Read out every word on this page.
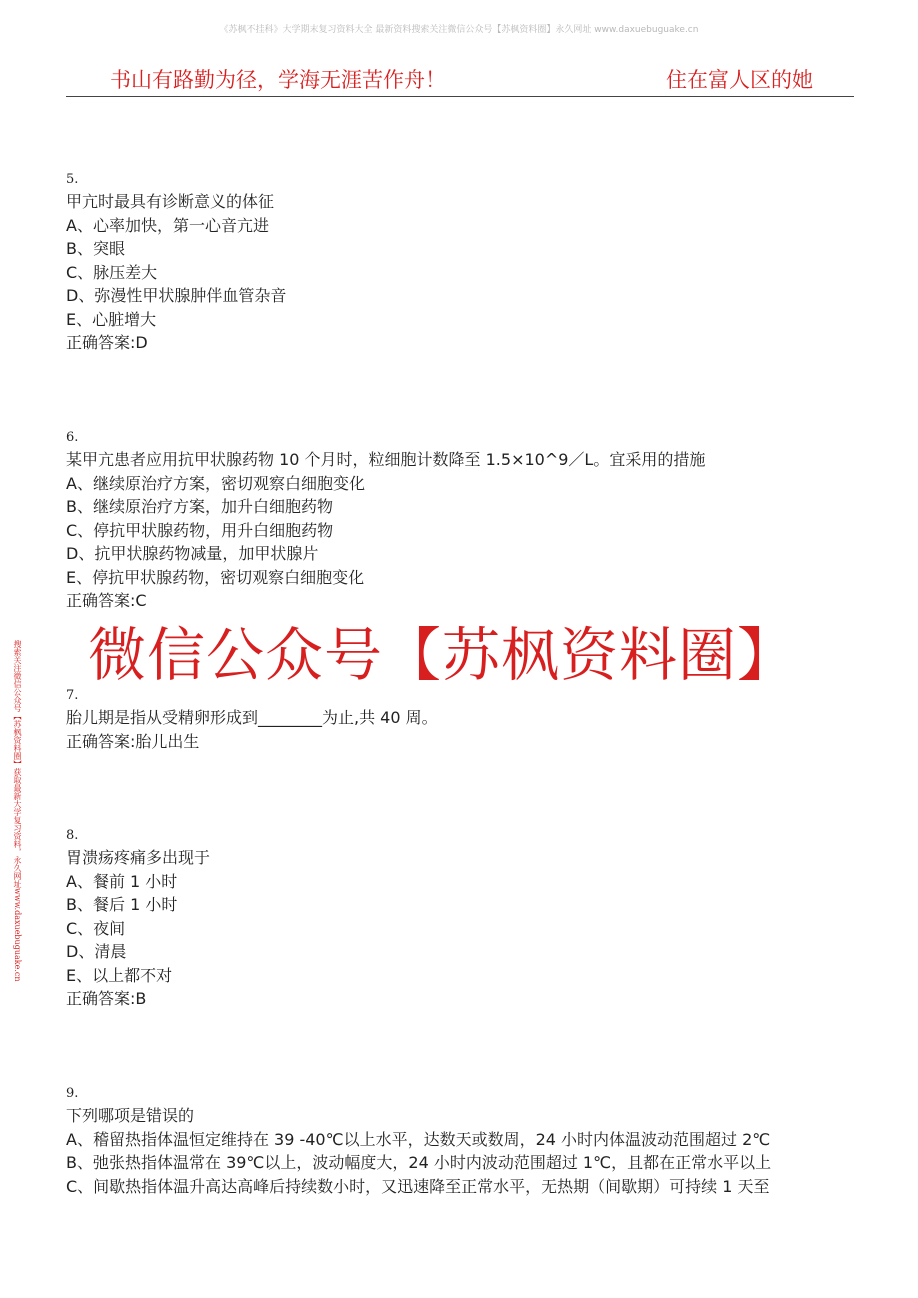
《苏枫不挂科》大学期末复习资料大全 最新资料搜索关注微信公众号【苏枫资料圈】永久网址 www.daxuebuguake.cn
书山有路勤为径，学海无涯苦作舟！	住在富人区的她
搜索关注微信公众号【苏枫资料圈】获取最新大学复习资料，永久网址www.daxuebuguake.cn
5.
甲亢时最具有诊断意义的体征
A、心率加快，第一心音亢进
B、突眼
C、脉压差大
D、弥漫性甲状腺肿伴血管杂音
E、心脏增大
正确答案:D
6.
某甲亢患者应用抗甲状腺药物 10 个月时，粒细胞计数降至 1.5×10^9／L。宜采用的措施
A、继续原治疗方案，密切观察白细胞变化
B、继续原治疗方案，加升白细胞药物
C、停抗甲状腺药物，用升白细胞药物
D、抗甲状腺药物减量，加甲状腺片
E、停抗甲状腺药物，密切观察白细胞变化
正确答案:C
微信公众号【苏枫资料圈】
7.
胎儿期是指从受精卵形成到________为止,共 40 周。
正确答案:胎儿出生
8.
胃溃疡疼痛多出现于
A、餐前 1 小时
B、餐后 1 小时
C、夜间
D、清晨
E、以上都不对
正确答案:B
9.
下列哪项是错误的
A、稽留热指体温恒定维持在 39 -40℃以上水平，达数天或数周，24 小时内体温波动范围超过 2℃
B、弛张热指体温常在 39℃以上，波动幅度大，24 小时内波动范围超过 1℃，且都在正常水平以上
C、间歇热指体温升高达高峰后持续数小时，又迅速降至正常水平，无热期（间歇期）可持续 1 天至
